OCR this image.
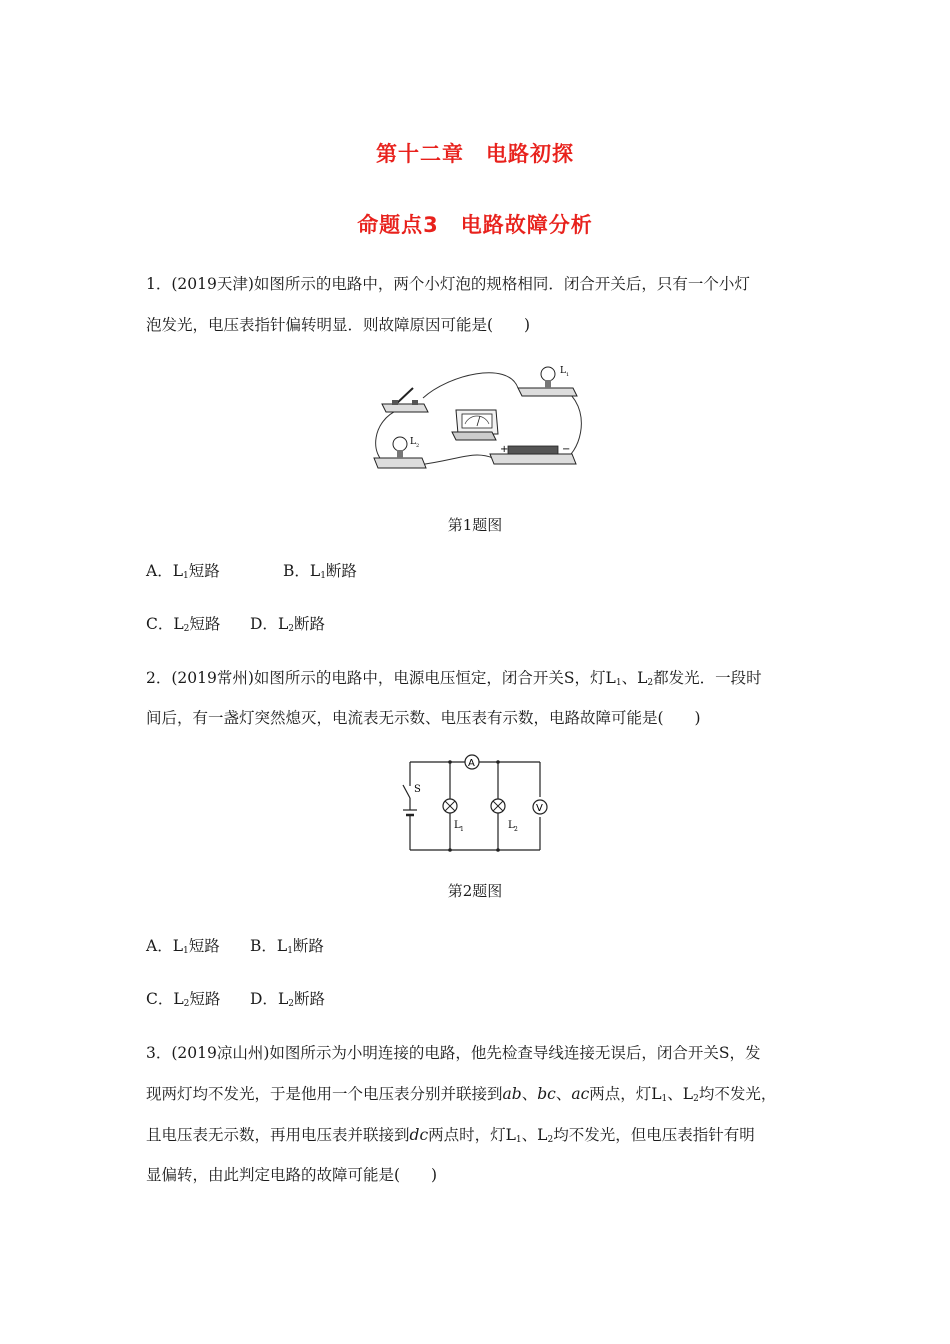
第十二章　电路初探
命题点3　电路故障分析
1．(2019天津)如图所示的电路中，两个小灯泡的规格相同．闭合开关后，只有一个小灯
泡发光，电压表指针偏转明显．则故障原因可能是(　　)
+	−
L 1
L 2
第1题图
A．$L_1$短路	B．$L_1$断路
C．$L_2$短路 D．$L_2$断路
2．(2019常州)如图所示的电路中，电源电压恒定，闭合开关S，灯$L_1$、$L_2$都发光．一段时
间后，有一盏灯突然熄灭，电流表无示数、电压表有示数，电路故障可能是(　　)
S
A
L 1	L 2
V
第2题图
A．$L_1$短路 B．$L_1$断路
C．$L_2$短路 D．$L_2$断路
3．(2019凉山州)如图所示为小明连接的电路，他先检查导线连接无误后，闭合开关S，发
现两灯均不发光，于是他用一个电压表分别并联接到ab、bc、ac两点，灯$L_1$、$L_2$均不发光，
且电压表无示数，再用电压表并联接到dc两点时，灯$L_1$、$L_2$均不发光，但电压表指针有明
显偏转，由此判定电路的故障可能是(　　)
